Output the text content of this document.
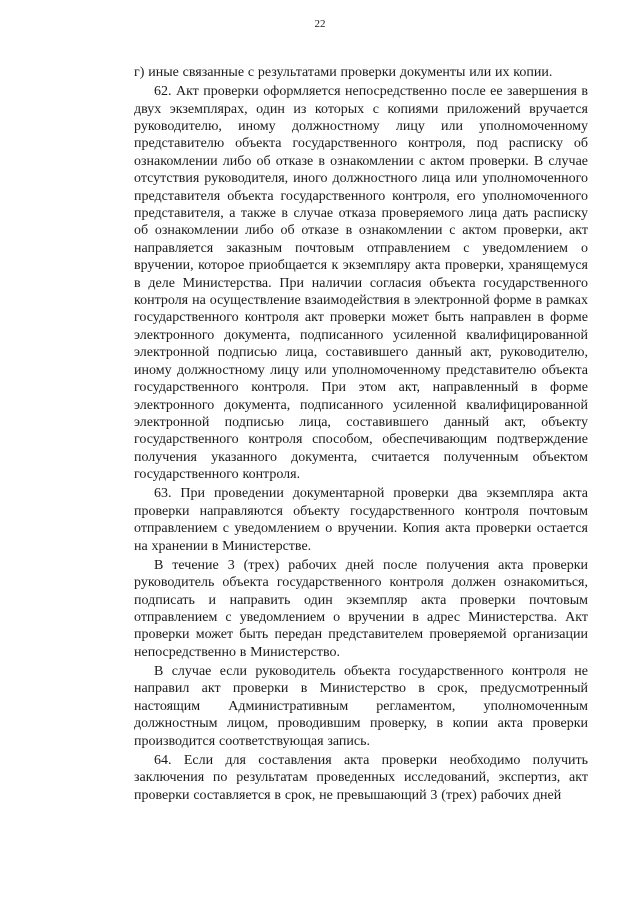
22

г) иные связанные с результатами проверки документы или их копии.

62. Акт проверки оформляется непосредственно после ее завершения в двух экземплярах, один из которых с копиями приложений вручается руководителю, иному должностному лицу или уполномоченному представителю объекта государственного контроля, под расписку об ознакомлении либо об отказе в ознакомлении с актом проверки. В случае отсутствия руководителя, иного должностного лица или уполномоченного представителя объекта государственного контроля, его уполномоченного представителя, а также в случае отказа проверяемого лица дать расписку об ознакомлении либо об отказе в ознакомлении с актом проверки, акт направляется заказным почтовым отправлением с уведомлением о вручении, которое приобщается к экземпляру акта проверки, хранящемуся в деле Министерства. При наличии согласия объекта государственного контроля на осуществление взаимодействия в электронной форме в рамках государственного контроля акт проверки может быть направлен в форме электронного документа, подписанного усиленной квалифицированной электронной подписью лица, составившего данный акт, руководителю, иному должностному лицу или уполномоченному представителю объекта государственного контроля. При этом акт, направленный в форме электронного документа, подписанного усиленной квалифицированной электронной подписью лица, составившего данный акт, объекту государственного контроля способом, обеспечивающим подтверждение получения указанного документа, считается полученным объектом государственного контроля.

63. При проведении документарной проверки два экземпляра акта проверки направляются объекту государственного контроля почтовым отправлением с уведомлением о вручении. Копия акта проверки остается на хранении в Министерстве.

В течение 3 (трех) рабочих дней после получения акта проверки руководитель объекта государственного контроля должен ознакомиться, подписать и направить один экземпляр акта проверки почтовым отправлением с уведомлением о вручении в адрес Министерства. Акт проверки может быть передан представителем проверяемой организации непосредственно в Министерство.

В случае если руководитель объекта государственного контроля не направил акт проверки в Министерство в срок, предусмотренный настоящим Административным регламентом, уполномоченным должностным лицом, проводившим проверку, в копии акта проверки производится соответствующая запись.

64. Если для составления акта проверки необходимо получить заключения по результатам проведенных исследований, экспертиз, акт проверки составляется в срок, не превышающий 3 (трех) рабочих дней
